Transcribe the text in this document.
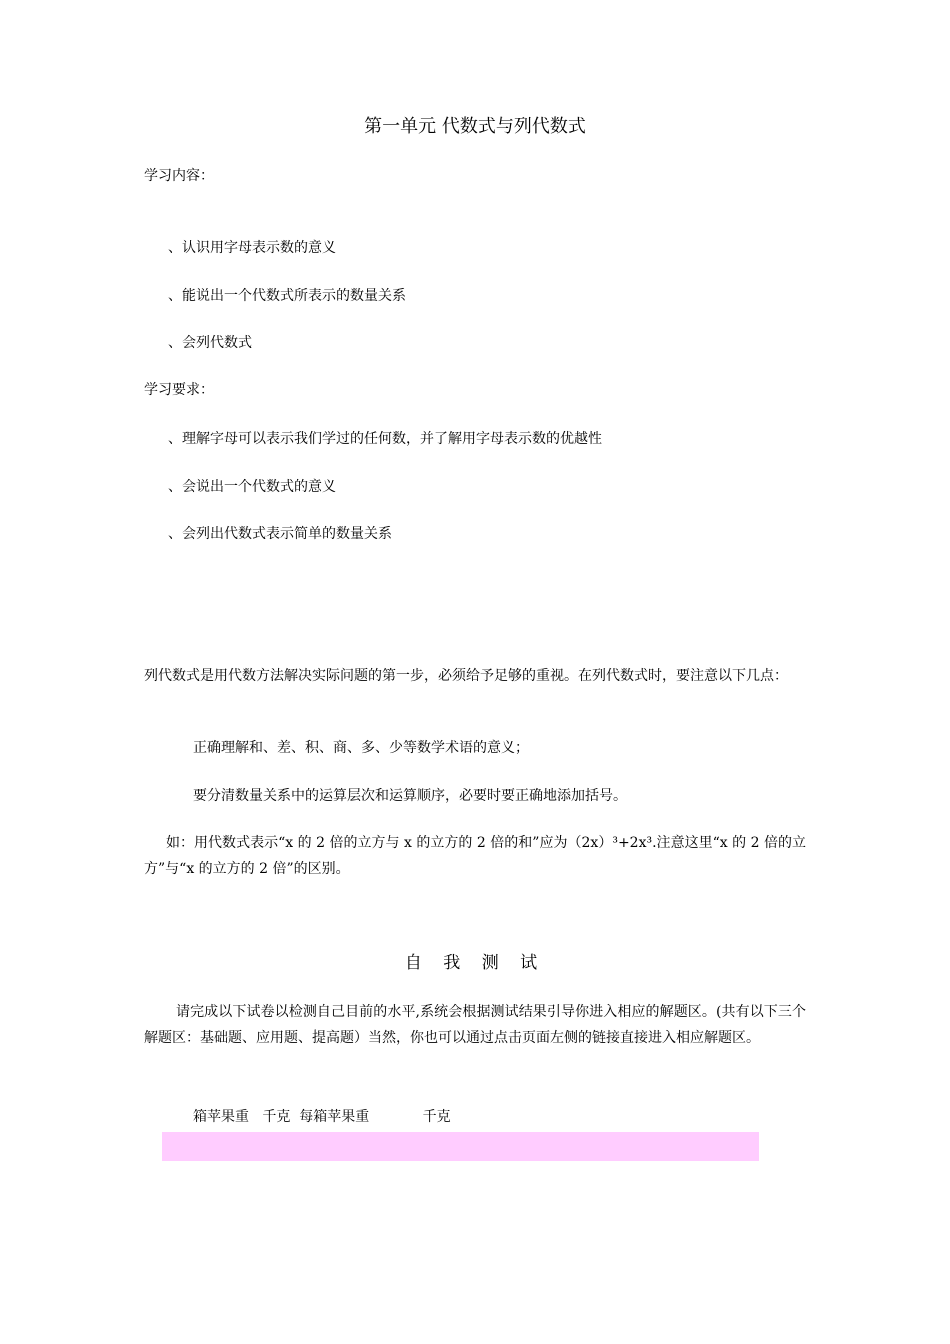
第一单元 代数式与列代数式

学习内容：

、认识用字母表示数的意义

、能说出一个代数式所表示的数量关系

、会列代数式

学习要求：

、理解字母可以表示我们学过的任何数，并了解用字母表示数的优越性

、会说出一个代数式的意义

、会列出代数式表示简单的数量关系

列代数式是用代数方法解决实际问题的第一步，必须给予足够的重视。在列代数式时，要注意以下几点：

正确理解和、差、积、商、多、少等数学术语的意义；

要分清数量关系中的运算层次和运算顺序，必要时要正确地添加括号。

如：用代数式表示“x 的 2 倍的立方与 x 的立方的 2 倍的和”应为（2x）³+2x³.注意这里“x 的 2 倍的立方”与“x 的立方的 2 倍”的区别。

自 我 测 试

请完成以下试卷以检测自己目前的水平,系统会根据测试结果引导你进入相应的解题区。(共有以下三个解题区：基础题、应用题、提高题）当然，你也可以通过点击页面左侧的链接直接进入相应解题区。

箱苹果重   千克  每箱苹果重            千克
